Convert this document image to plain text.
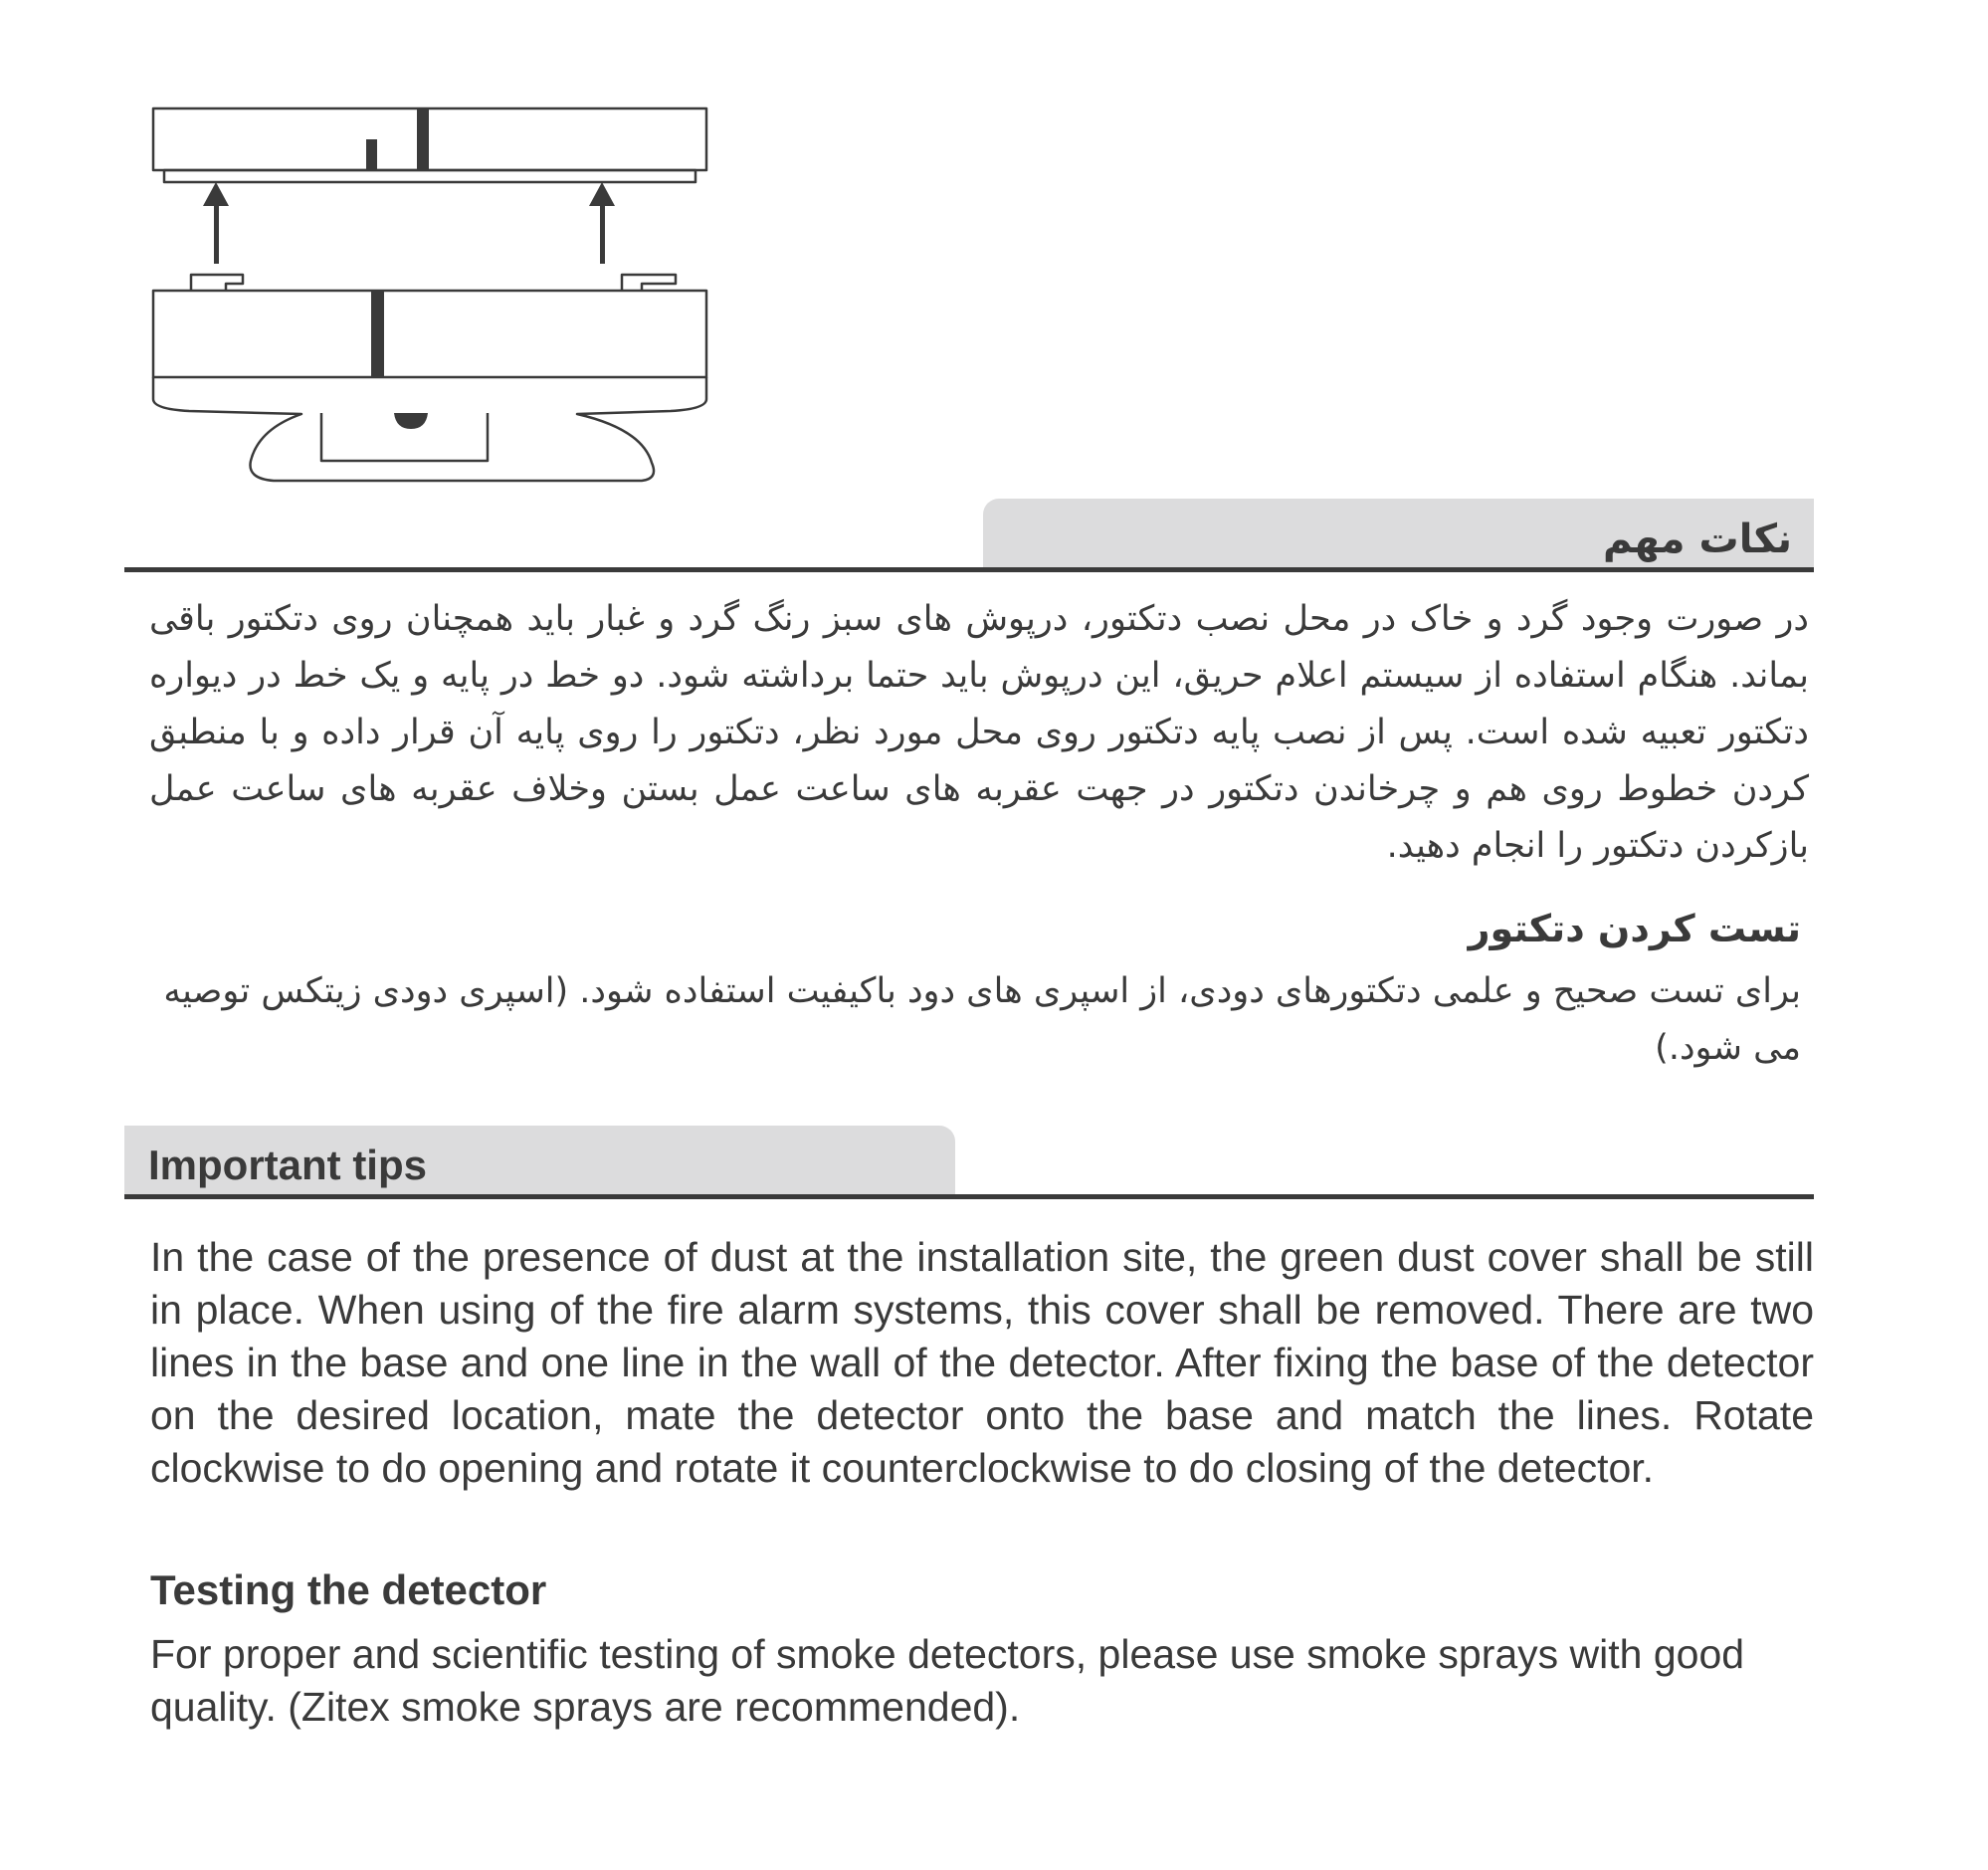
نکات مهم

در صورت وجود گرد و خاک در محل نصب دتکتور، درپوش های سبز رنگ گرد و غبار باید همچنان روی دتکتور باقی بماند. هنگام استفاده از سیستم اعلام حریق، این درپوش باید حتما برداشته شود. دو خط در پایه و یک خط در دیواره دتکتور تعبیه شده است. پس از نصب پایه دتکتور روی محل مورد نظر، دتکتور را روی پایه آن قرار داده و با منطبق کردن خطوط روی هم و چرخاندن دتکتور در جهت عقربه های ساعت عمل بستن وخلاف عقربه های ساعت عمل بازکردن دتکتور را انجام دهید.

تست کردن دتکتور

برای تست صحیح و علمی دتکتورهای دودی، از اسپری های دود باکیفیت استفاده شود. (اسپری دودی زیتکس توصیه می شود.)

Important tips

In the case of the presence of dust at the installation site, the green dust cover shall be still in place. When using of the fire alarm systems, this cover shall be removed. There are two lines in the base and one line in the wall of the detector. After fixing the base of the detector on the desired location, mate the detector onto the base and match the lines. Rotate clockwise to do opening and rotate it counterclockwise to do closing of the detector.

Testing the detector

For proper and scientific testing of smoke detectors, please use smoke sprays with good quality. (Zitex smoke sprays are recommended).
